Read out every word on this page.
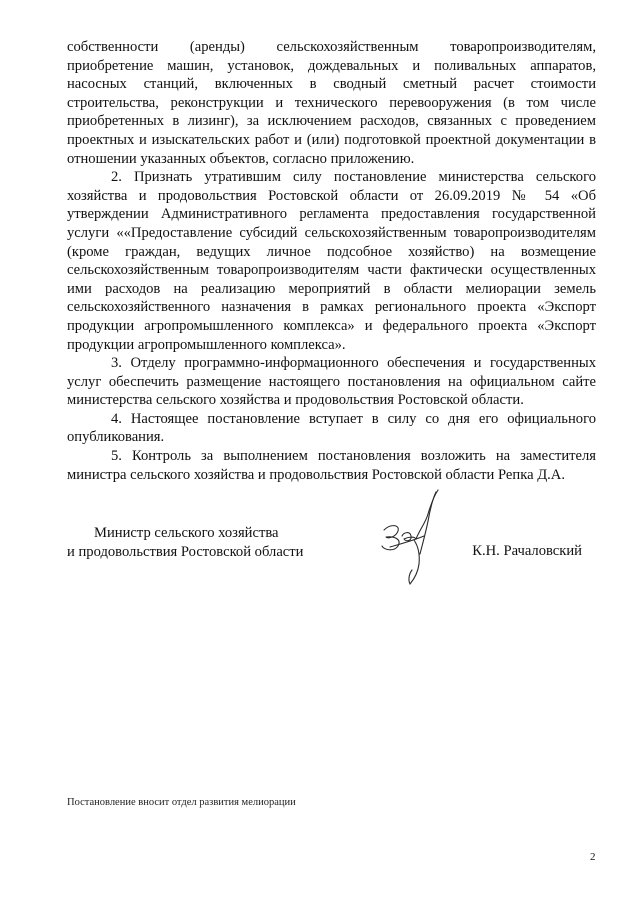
собственности (аренды) сельскохозяйственным товаропроизводителям, приобретение машин, установок, дождевальных и поливальных аппаратов, насосных станций, включенных в сводный сметный расчет стоимости строительства, реконструкции и технического перевооружения (в том числе приобретенных в лизинг), за исключением расходов, связанных с проведением проектных и изыскательских работ и (или) подготовкой проектной документации в отношении указанных объектов, согласно приложению.

2. Признать утратившим силу постановление министерства сельского хозяйства и продовольствия Ростовской области от 26.09.2019 № 54 «Об утверждении Административного регламента предоставления государственной услуги ««Предоставление субсидий сельскохозяйственным товаропроизводителям (кроме граждан, ведущих личное подсобное хозяйство) на возмещение сельскохозяйственным товаропроизводителям части фактически осуществленных ими расходов на реализацию мероприятий в области мелиорации земель сельскохозяйственного назначения в рамках регионального проекта «Экспорт продукции агропромышленного комплекса» и федерального проекта «Экспорт продукции агропромышленного комплекса».

3. Отделу программно-информационного обеспечения и государственных услуг обеспечить размещение настоящего постановления на официальном сайте министерства сельского хозяйства и продовольствия Ростовской области.

4. Настоящее постановление вступает в силу со дня его официального опубликования.

5. Контроль за выполнением постановления возложить на заместителя министра сельского хозяйства и продовольствия Ростовской области Репка Д.А.

Министр сельского хозяйства
и продовольствия Ростовской области	К.Н. Рачаловский
Постановление вносит отдел развития мелиорации
2
